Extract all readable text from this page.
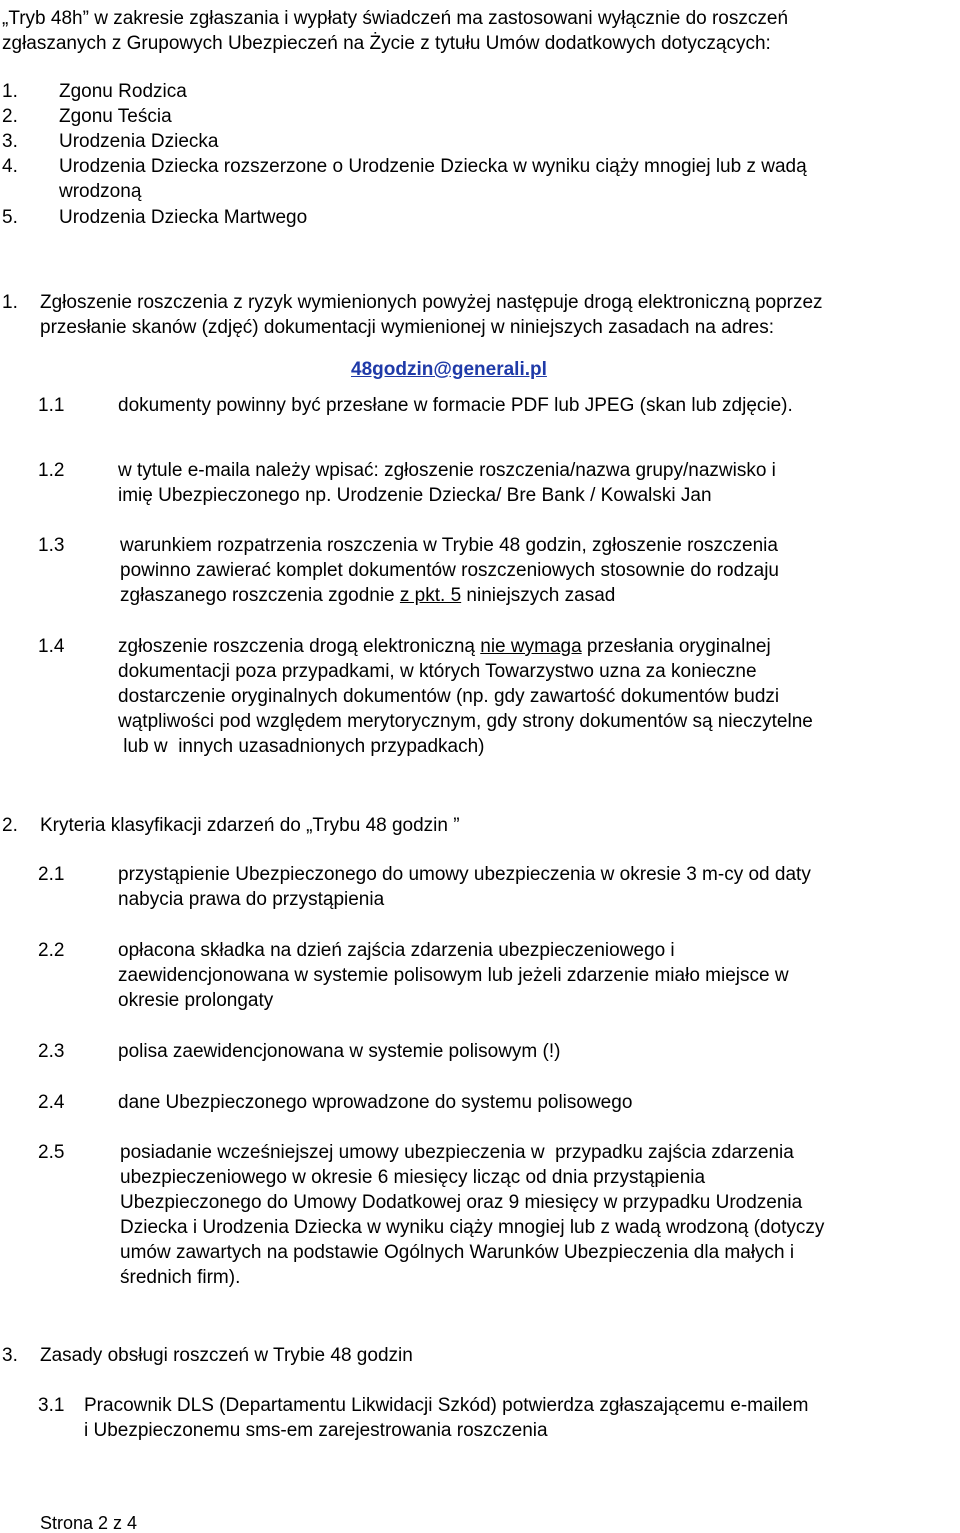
„Tryb 48h” w zakresie zgłaszania i wypłaty świadczeń ma zastosowani wyłącznie do roszczeń
zgłaszanych z Grupowych Ubezpieczeń na Życie z tytułu Umów dodatkowych dotyczących:

1. Zgonu Rodzica
2. Zgonu Teścia
3. Urodzenia Dziecka
4. Urodzenia Dziecka rozszerzone o Urodzenie Dziecka w wyniku ciąży mnogiej lub z wadą
wrodzoną
5. Urodzenia Dziecka Martwego
1. Zgłoszenie roszczenia z ryzyk wymienionych powyżej następuje drogą elektroniczną poprzez
przesłanie skanów (zdjęć) dokumentacji wymienionej w niniejszych zasadach na adres:
48godzin@generali.pl
1.1	dokumenty powinny być przesłane w formacie PDF lub JPEG (skan lub zdjęcie).
1.2	w tytule e-maila należy wpisać: zgłoszenie roszczenia/nazwa grupy/nazwisko i
imię Ubezpieczonego np. Urodzenie Dziecka/ Bre Bank / Kowalski Jan
1.3	warunkiem rozpatrzenia roszczenia w Trybie 48 godzin, zgłoszenie roszczenia
powinno zawierać komplet dokumentów roszczeniowych stosownie do rodzaju
zgłaszanego roszczenia zgodnie z pkt. 5 niniejszych zasad
1.4	zgłoszenie roszczenia drogą elektroniczną nie wymaga przesłania oryginalnej
dokumentacji poza przypadkami, w których Towarzystwo uzna za konieczne
dostarczenie oryginalnych dokumentów (np. gdy zawartość dokumentów budzi
wątpliwości pod względem merytorycznym, gdy strony dokumentów są nieczytelne
lub w  innych uzasadnionych przypadkach)
2. Kryteria klasyfikacji zdarzeń do „Trybu 48 godzin ”
2.1	przystąpienie Ubezpieczonego do umowy ubezpieczenia w okresie 3 m-cy od daty
nabycia prawa do przystąpienia
2.2	opłacona składka na dzień zajścia zdarzenia ubezpieczeniowego i
zaewidencjonowana w systemie polisowym lub jeżeli zdarzenie miało miejsce w
okresie prolongaty
2.3	polisa zaewidencjonowana w systemie polisowym (!)
2.4	dane Ubezpieczonego wprowadzone do systemu polisowego
2.5	posiadanie wcześniejszej umowy ubezpieczenia w  przypadku zajścia zdarzenia
ubezpieczeniowego w okresie 6 miesięcy licząc od dnia przystąpienia
Ubezpieczonego do Umowy Dodatkowej oraz 9 miesięcy w przypadku Urodzenia
Dziecka i Urodzenia Dziecka w wyniku ciąży mnogiej lub z wadą wrodzoną (dotyczy
umów zawartych na podstawie Ogólnych Warunków Ubezpieczenia dla małych i
średnich firm).
3. Zasady obsługi roszczeń w Trybie 48 godzin
3.1 Pracownik DLS (Departamentu Likwidacji Szkód) potwierdza zgłaszającemu e-mailem
i Ubezpieczonemu sms-em zarejestrowania roszczenia
Strona 2 z 4
